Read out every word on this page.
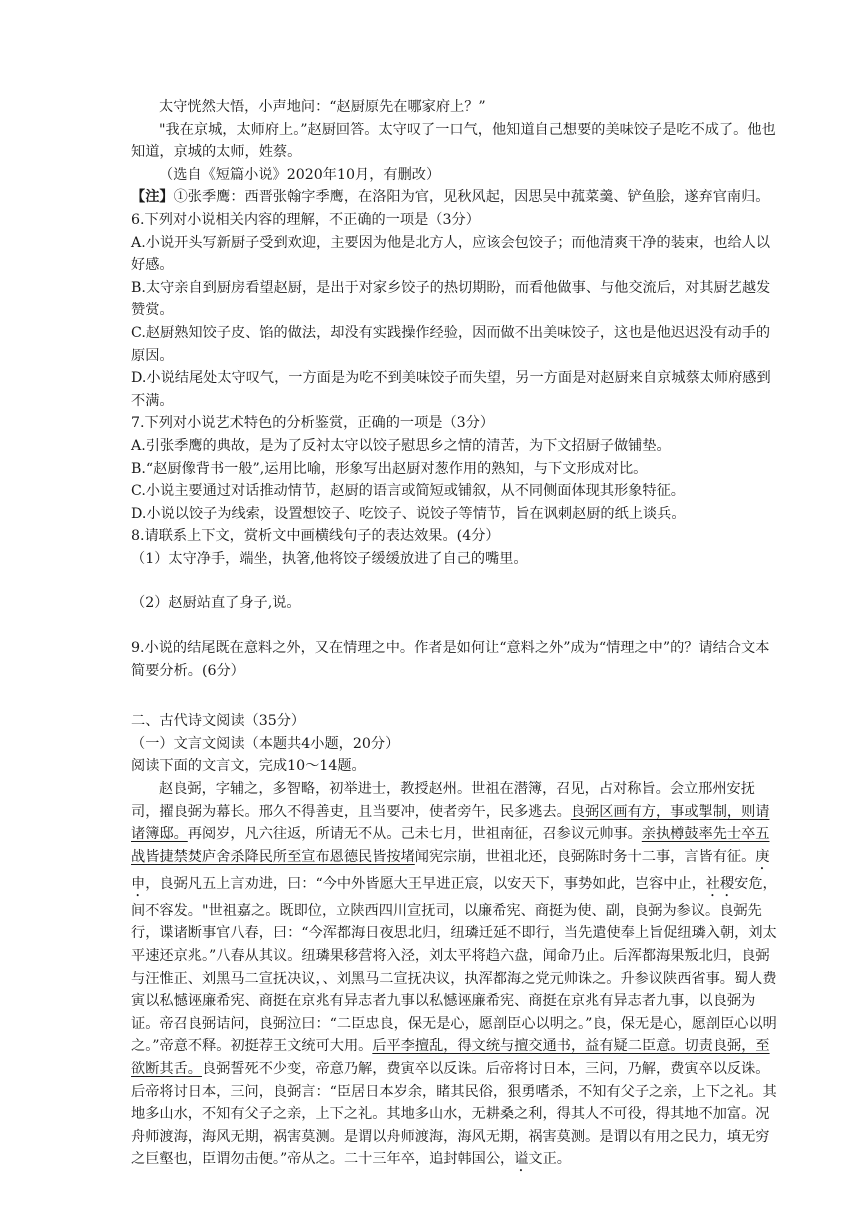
太守恍然大悟，小声地问：“赵厨原先在哪家府上？”

"我在京城，太师府上。”赵厨回答。太守叹了一口气，他知道自己想要的美味饺子是吃不成了。他也知道，京城的太师，姓蔡。

（选自《短篇小说》2020年10月，有删改）

【注】①张季鹰：西晋张翰字季鹰，在洛阳为官，见秋风起，因思吴中菰菜羹、铲鱼脍，遂弃官南归。

6.下列对小说相关内容的理解，不正确的一项是（3分）

A.小说开头写新厨子受到欢迎，主要因为他是北方人，应该会包饺子；而他清爽干净的装束，也给人以好感。

B.太守亲自到厨房看望赵厨，是出于对家乡饺子的热切期盼，而看他做事、与他交流后，对其厨艺越发赞赏。

C.赵厨熟知饺子皮、馅的做法，却没有实践操作经验，因而做不出美味饺子，这也是他迟迟没有动手的原因。

D.小说结尾处太守叹气，一方面是为吃不到美味饺子而失望，另一方面是对赵厨来自京城蔡太师府感到不满。

7.下列对小说艺术特色的分析鉴赏，正确的一项是（3分）

A.引张季鹰的典故，是为了反衬太守以饺子慰思乡之情的清苦，为下文招厨子做铺垫。

B.“赵厨像背书一般”,运用比喻，形象写出赵厨对葱作用的熟知，与下文形成对比。

C.小说主要通过对话推动情节，赵厨的语言或简短或铺叙，从不同侧面体现其形象特征。

D.小说以饺子为线索，设置想饺子、吃饺子、说饺子等情节，旨在讽刺赵厨的纸上谈兵。

8.请联系上下文，赏析文中画横线句子的表达效果。(4分）

（1）太守净手，端坐，执箸,他将饺子缓缓放进了自己的嘴里。

（2）赵厨站直了身子,说。

9.小说的结尾既在意料之外，又在情理之中。作者是如何让“意料之外”成为“情理之中”的？请结合文本简要分析。(6分）

二、古代诗文阅读（35分）

（一）文言文阅读（本题共4小题，20分）

阅读下面的文言文，完成10～14题。

赵良弼，字辅之，多智略，初举进士，教授赵州。世祖在潜簿，召见，占对称旨。会立邢州安抚司，擢良弼为幕长。邢久不得善吏，且当要冲，使者旁午，民多逃去。良弼区画有方，事或掣制，则请诸簿邸。再阅岁，凡六往返，所请无不从。己未七月，世祖南征，召参议元帅事。亲执樽鼓率先士卒五战皆捷禁焚庐舍杀降民所至宣布恩德民皆按堵闻宪宗崩，世祖北还，良弼陈时务十二事，言皆有征。庚申，良弼凡五上言劝进，曰：“今中外皆愿大王早进正宸，以安天下，事势如此，岂容中止，社稷安危，间不容发。"世祖嘉之。既即位，立陕西四川宣抚司，以廉希宪、商挺为使、副，良弼为参议。良弼先行，谍诸断事官八春，曰：“今浑都海日夜思北归，纽璘迁延不即行，当先遣使奉上旨促纽璘入朝，刘太平速还京兆。”八春从其议。纽璘果移营将入泾，刘太平将趋六盘，闻命乃止。后浑都海果叛北归，良弼与汪惟正、刘黑马二宣抚决议，、刘黑马二宣抚决议，执浑都海之党元帅诛之。升参议陕西省事。蜀人费寅以私憾诬廉希宪、商挺在京兆有异志者九事以私憾诬廉希宪、商挺在京兆有异志者九事，以良弼为证。帝召良弼诘问，良弼泣曰：“二臣忠良，保无是心，愿剖臣心以明之。”良，保无是心，愿剖臣心以明之。”帝意不释。初挺荐王文统可大用。后平李擅乱，得文统与擅交通书，益有疑二臣意。切责良弼，至欲断其舌。良弼誓死不少变，帝意乃解，费寅卒以反诛。后帝将讨日本，三问，乃解，费寅卒以反诛。后帝将讨日本，三问，良弼言：“臣居日本岁余，睹其民俗，狠勇嗜杀，不知有父子之亲，上下之礼。其地多山水，不知有父子之亲，上下之礼。其地多山水，无耕桑之利，得其人不可役，得其地不加富。况舟师渡海，海风无期，祸害莫测。是谓以舟师渡海，海风无期，祸害莫测。是谓以有用之民力，填无穷之巨壑也，臣谓勿击便。”帝从之。二十三年卒，追封韩国公，谥文正。
